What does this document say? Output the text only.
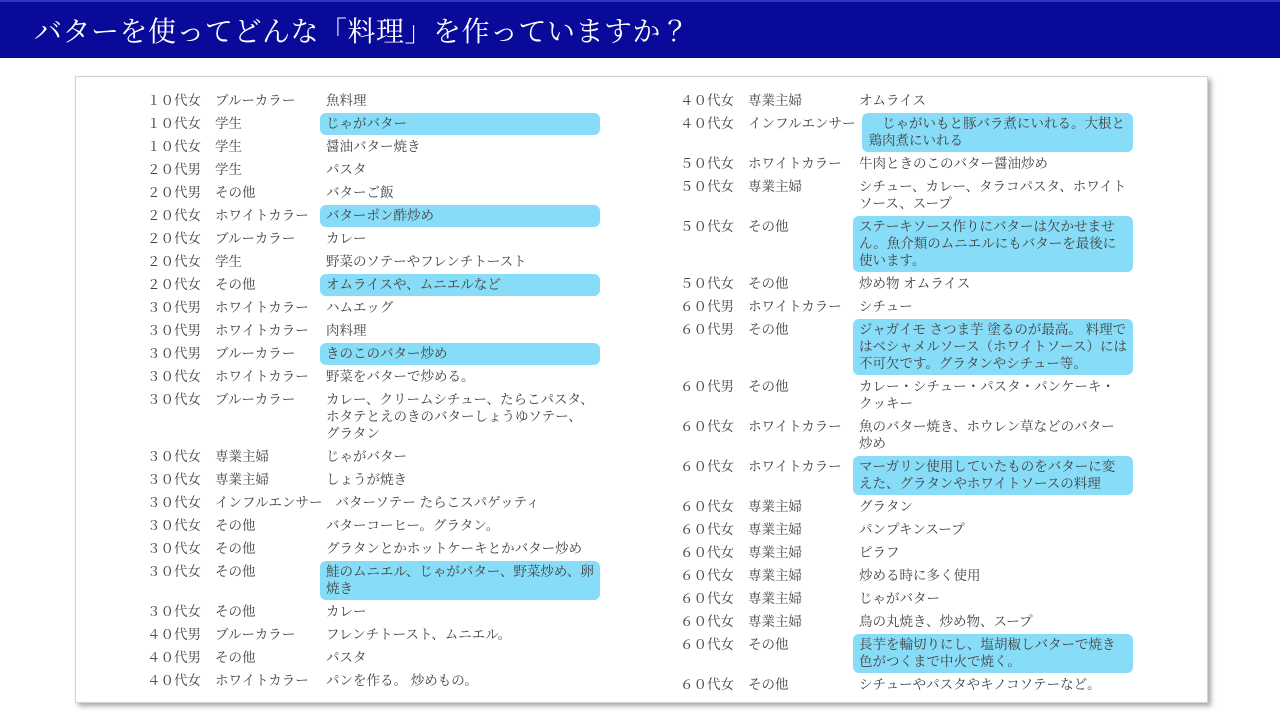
バターを使ってどんな「料理」を作っていますか？
１０代女	ブルーカラー	魚料理
１０代女	学生	じゃがバター
１０代女	学生	醤油バター焼き
２０代男	学生	パスタ
２０代男	その他	バターご飯
２０代女	ホワイトカラー	バターポン酢炒め
２０代女	ブルーカラー	カレー
２０代女	学生	野菜のソテーやフレンチトースト
２０代女	その他	オムライスや、ムニエルなど
３０代男	ホワイトカラー	ハムエッグ
３０代男	ホワイトカラー	肉料理
３０代男	ブルーカラー	きのこのバター炒め
３０代女	ホワイトカラー	野菜をバターで炒める。
３０代女	ブルーカラー	カレー、クリームシチュー、たらこパスタ、ホタテとえのきのバターしょうゆソテー、グラタン
３０代女	専業主婦	じゃがバター
３０代女	専業主婦	しょうが焼き
３０代女	インフルエンサー バターソテー たらこスパゲッティ
３０代女	その他	バターコーヒー。グラタン。
３０代女	その他	グラタンとかホットケーキとかバター炒め
３０代女	その他	鮭のムニエル、じゃがバター、野菜炒め、卵焼き
３０代女	その他	カレー
４０代男	ブルーカラー	フレンチトースト、ムニエル。
４０代男	その他	パスタ
４０代女	ホワイトカラー	パンを作る。 炒めもの。
４０代女	専業主婦	オムライス
４０代女	インフルエンサー 　じゃがいもと豚バラ煮にいれる。大根と鶏肉煮にいれる
５０代女	ホワイトカラー	牛肉ときのこのバター醤油炒め
５０代女	専業主婦	シチュー、カレー、タラコパスタ、ホワイトソース、スープ
５０代女	その他	ステーキソース作りにバターは欠かせません。魚介類のムニエルにもバターを最後に使います。
５０代女	その他	炒め物 オムライス
６０代男	ホワイトカラー	シチュー
６０代男	その他	ジャガイモ さつま芋 塗るのが最高。 料理ではベシャメルソース（ホワイトソース）には不可欠です。グラタンやシチュー等。
６０代男	その他	カレー・シチュー・パスタ・パンケーキ・クッキー
６０代女	ホワイトカラー	魚のバター焼き、ホウレン草などのバター炒め
６０代女	ホワイトカラー	マーガリン使用していたものをバターに変えた、グラタンやホワイトソースの料理
６０代女	専業主婦	グラタン
６０代女	専業主婦	パンプキンスープ
６０代女	専業主婦	ピラフ
６０代女	専業主婦	炒める時に多く使用
６０代女	専業主婦	じゃがバター
６０代女	専業主婦	鳥の丸焼き、炒め物、スープ
６０代女	その他	長芋を輪切りにし、塩胡椒しバターで焼き色がつくまで中火で焼く。
６０代女	その他	シチューやパスタやキノコソテーなど。
